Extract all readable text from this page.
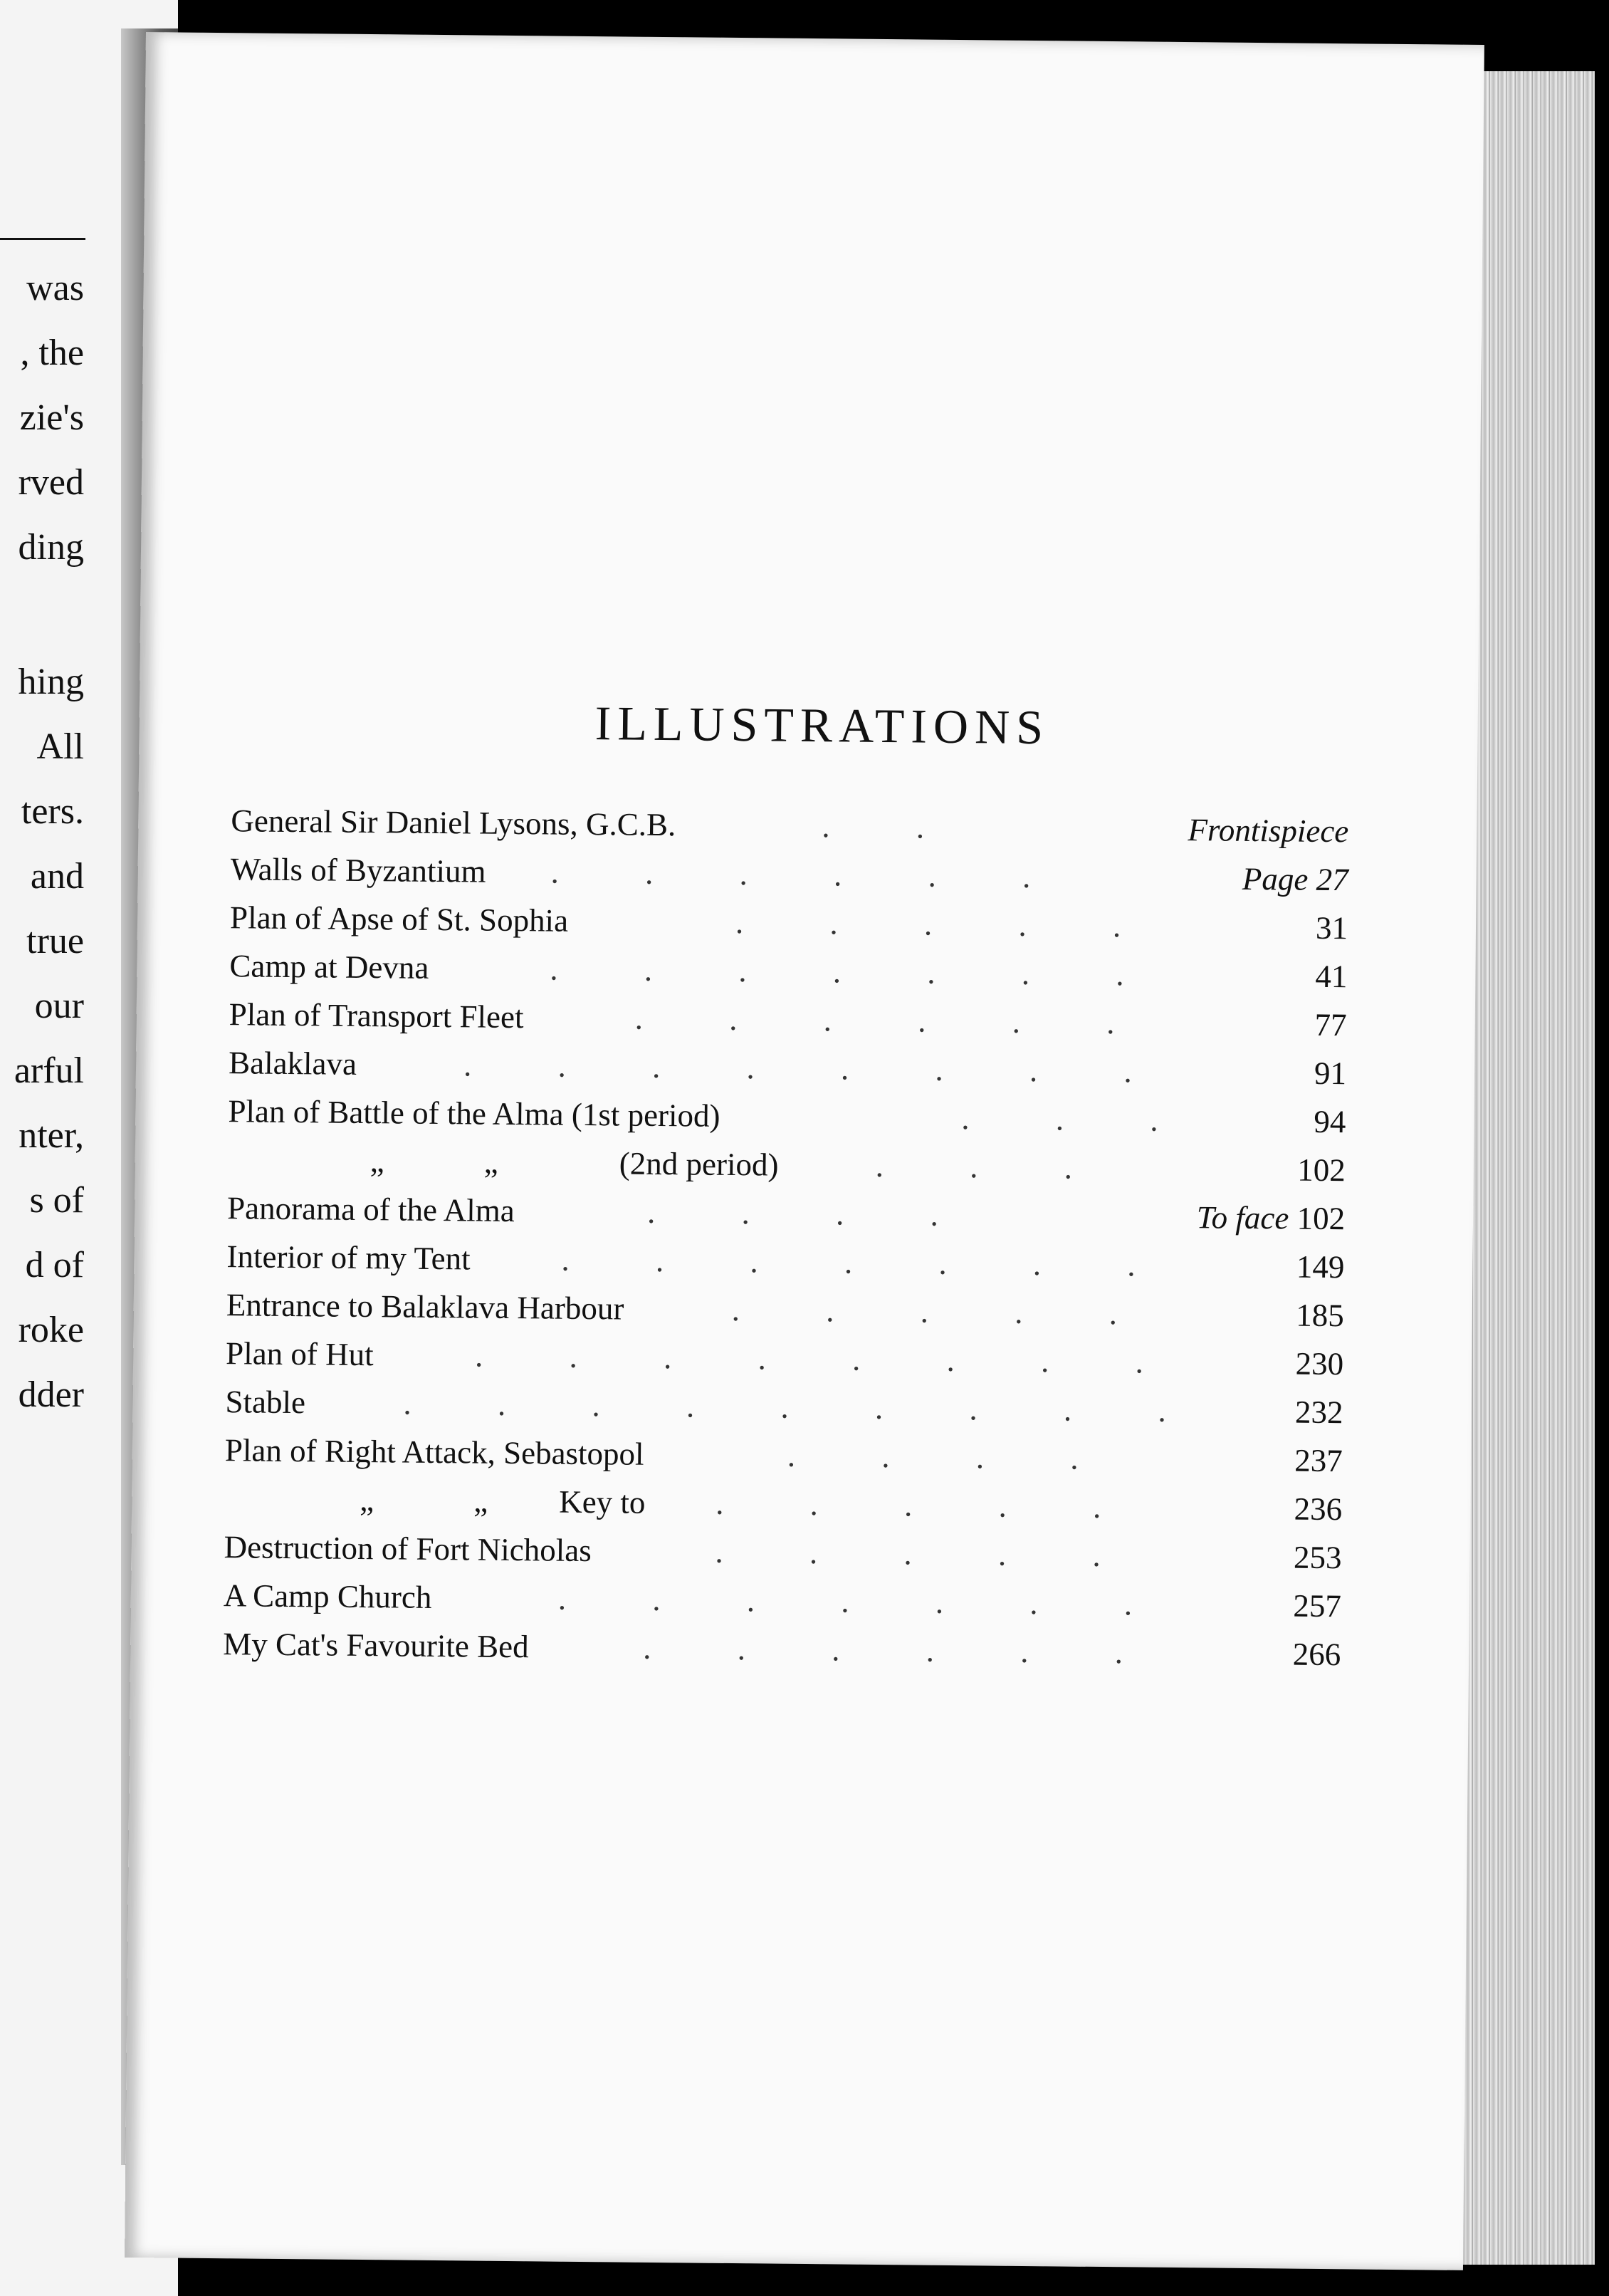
was
, the
zie's
rved
ding
hing
All
ters.
and
true
our
arful
nter,
s of
d of
roke
dder
ILLUSTRATIONS
General Sir Daniel Lysons, G.C.B.	. .	Frontispiece
Walls of Byzantium . . . . . .	Page 27
Plan of Apse of St. Sophia	. . . . .	31
Camp at Devna	. . . . . . .	41
Plan of Transport Fleet	. . . . . .	77
Balaklava	. . . . . . . .	91
Plan of Battle of the Alma (1st period)	. . .	94
„	„	(2nd period)	. . .	102
Panorama of the Alma	. . . .	To face 102
Interior of my Tent	. . . . . . .	149
Entrance to Balaklava Harbour	. . . . .	185
Plan of Hut	. . . . . . . .	230
Stable	. . . . . . . . .	232
Plan of Right Attack, Sebastopol	. . . .	237
„	„ Key to . . . . .	236
Destruction of Fort Nicholas	. . . . .	253
A Camp Church	. . . . . . .	257
My Cat's Favourite Bed	. . . . . .	266
